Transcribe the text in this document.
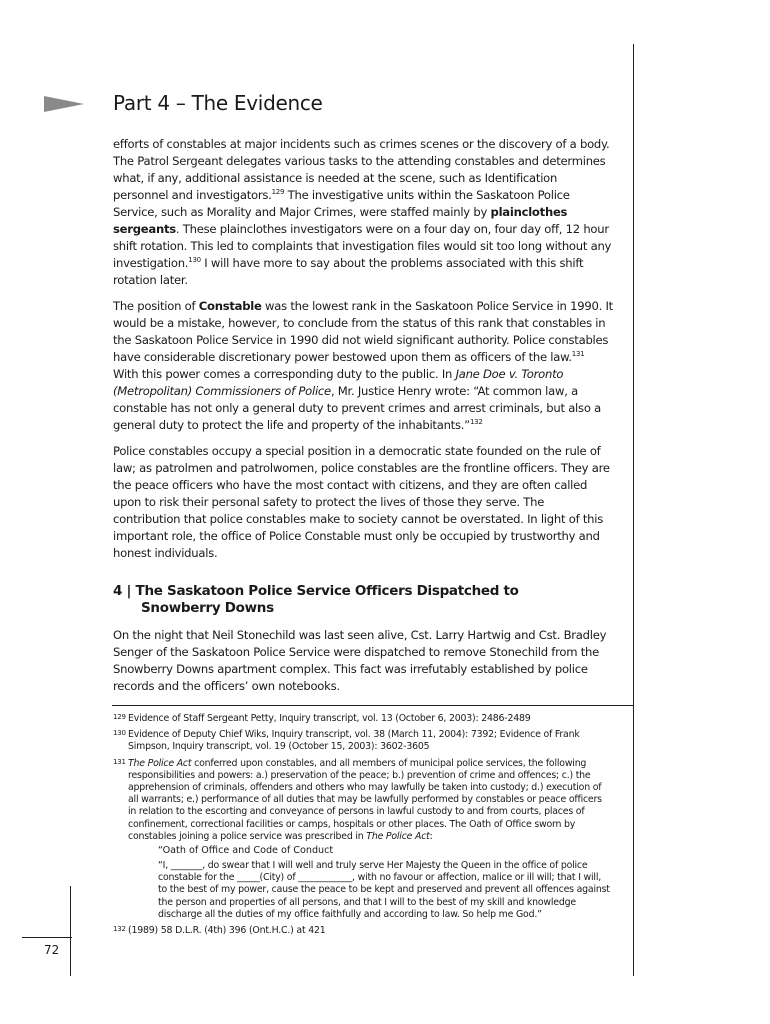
Part 4 – The Evidence

efforts of constables at major incidents such as crimes scenes or the discovery of a body. The Patrol Sergeant delegates various tasks to the attending constables and determines what, if any, additional assistance is needed at the scene, such as Identification personnel and investigators.$^{129}$ The investigative units within the Saskatoon Police Service, such as Morality and Major Crimes, were staffed mainly by plainclothes sergeants. These plainclothes investigators were on a four day on, four day off, 12 hour shift rotation. This led to complaints that investigation files would sit too long without any investigation.$^{130}$ I will have more to say about the problems associated with this shift rotation later.

The position of Constable was the lowest rank in the Saskatoon Police Service in 1990. It would be a mistake, however, to conclude from the status of this rank that constables in the Saskatoon Police Service in 1990 did not wield significant authority. Police constables have considerable discretionary power bestowed upon them as officers of the law.$^{131}$ With this power comes a corresponding duty to the public. In Jane Doe v. Toronto (Metropolitan) Commissioners of Police, Mr. Justice Henry wrote: “At common law, a constable has not only a general duty to prevent crimes and arrest criminals, but also a general duty to protect the life and property of the inhabitants.”$^{132}$

Police constables occupy a special position in a democratic state founded on the rule of law; as patrolmen and patrolwomen, police constables are the frontline officers. They are the peace officers who have the most contact with citizens, and they are often called upon to risk their personal safety to protect the lives of those they serve. The contribution that police constables make to society cannot be overstated. In light of this important role, the office of Police Constable must only be occupied by trustworthy and honest individuals.

4 | The Saskatoon Police Service Officers Dispatched to
Snowberry Downs

On the night that Neil Stonechild was last seen alive, Cst. Larry Hartwig and Cst. Bradley Senger of the Saskatoon Police Service were dispatched to remove Stonechild from the Snowberry Downs apartment complex. This fact was irrefutably established by police records and the officers’ own notebooks.

129 Evidence of Staff Sergeant Petty, Inquiry transcript, vol. 13 (October 6, 2003): 2486-2489
130 Evidence of Deputy Chief Wiks, Inquiry transcript, vol. 38 (March 11, 2004): 7392; Evidence of Frank Simpson, Inquiry transcript, vol. 19 (October 15, 2003): 3602-3605
131 The Police Act conferred upon constables, and all members of municipal police services, the following responsibilities and powers: a.) preservation of the peace; b.) prevention of crime and offences; c.) the apprehension of criminals, offenders and others who may lawfully be taken into custody; d.) execution of all warrants; e.) performance of all duties that may be lawfully performed by constables or peace officers in relation to the escorting and conveyance of persons in lawful custody to and from courts, places of confinement, correctional facilities or camps, hospitals or other places. The Oath of Office sworn by constables joining a police service was prescribed in The Police Act:
“Oath of Office and Code of Conduct
“I, _______, do swear that I will well and truly serve Her Majesty the Queen in the office of police constable for the _____(City) of ____________, with no favour or affection, malice or ill will; that I will, to the best of my power, cause the peace to be kept and preserved and prevent all offences against the person and properties of all persons, and that I will to the best of my skill and knowledge discharge all the duties of my office faithfully and according to law. So help me God.”
132 (1989) 58 D.L.R. (4th) 396 (Ont.H.C.) at 421
72
